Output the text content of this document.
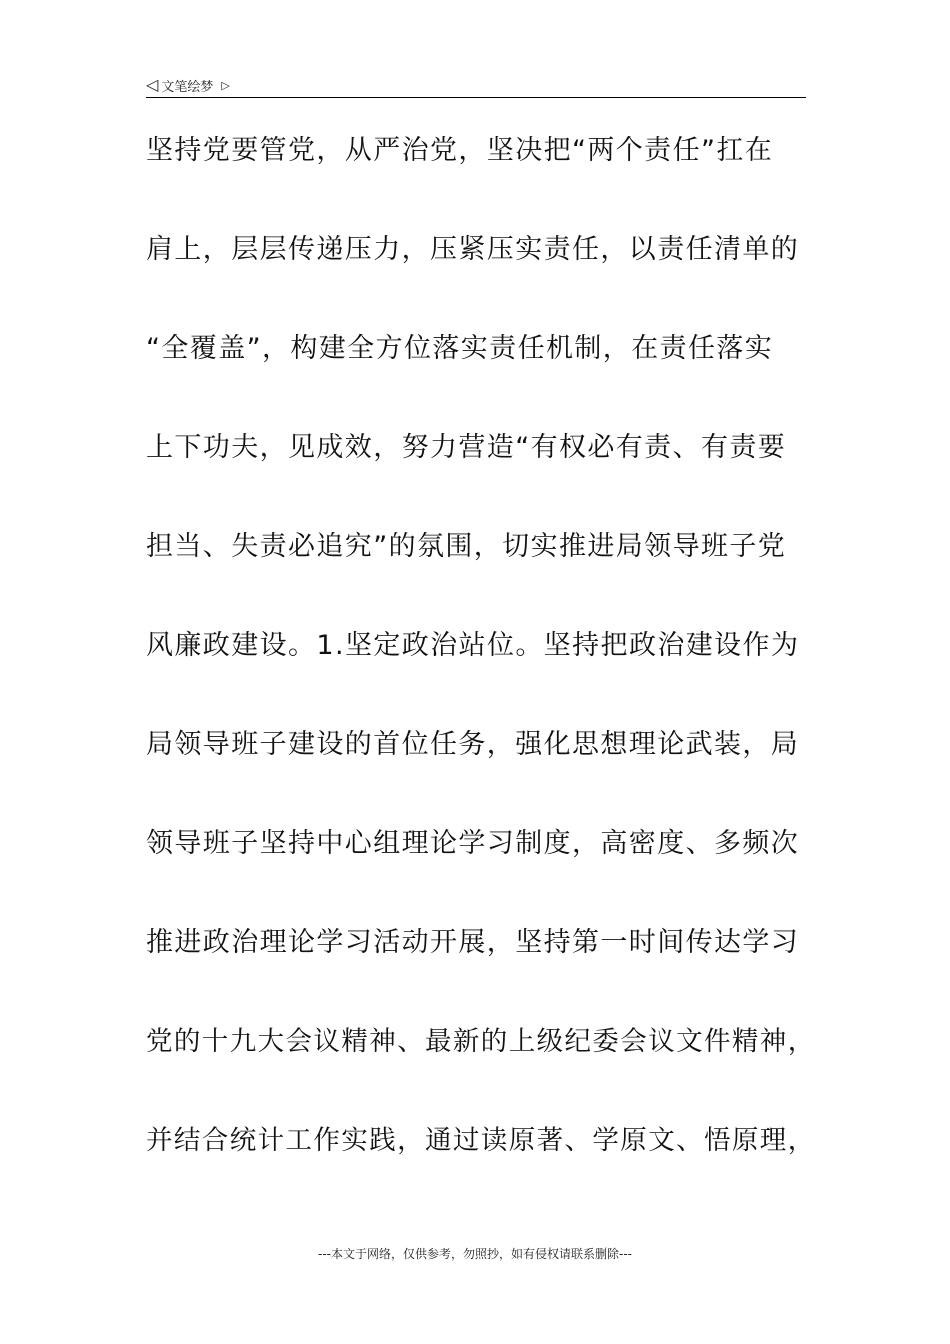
◁ 文笔绘梦 ▷
坚持党要管党，从严治党，坚决把“两个责任”扛在
肩上，层层传递压力，压紧压实责任，以责任清单的
“全覆盖”，构建全方位落实责任机制，在责任落实
上下功夫，见成效，努力营造“有权必有责、有责要
担当、失责必追究”的氛围，切实推进局领导班子党
风廉政建设。1.坚定政治站位。坚持把政治建设作为
局领导班子建设的首位任务，强化思想理论武装，局
领导班子坚持中心组理论学习制度，高密度、多频次
推进政治理论学习活动开展，坚持第一时间传达学习
党的十九大会议精神、最新的上级纪委会议文件精神，
并结合统计工作实践，通过读原著、学原文、悟原理，
---本文于网络，仅供参考，勿照抄，如有侵权请联系删除---
